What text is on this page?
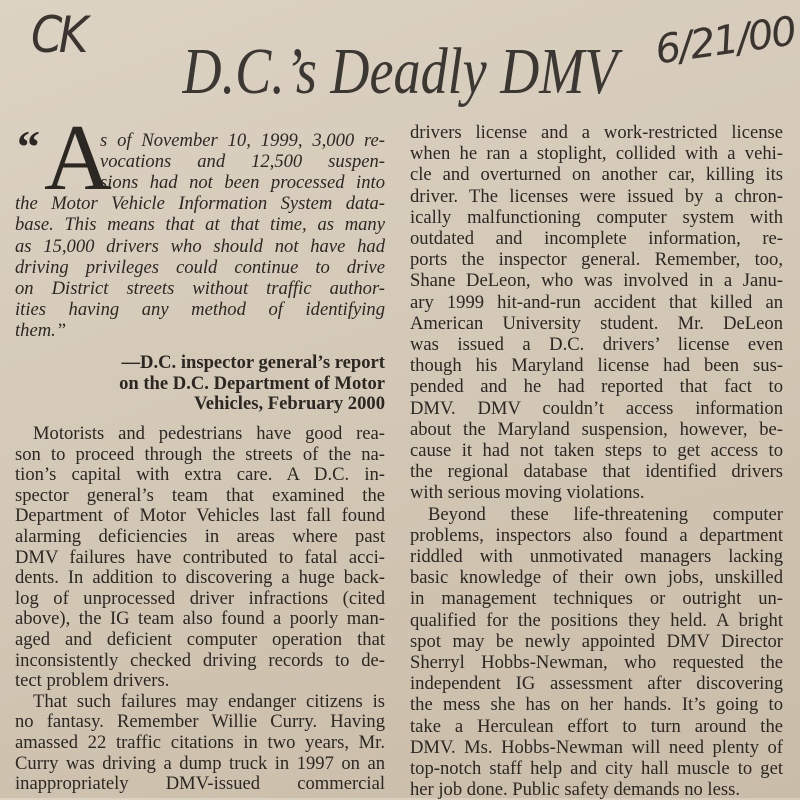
CK	6/21/00
D.C.’s Deadly DMV
“ A
s of November 10, 1999, 3,000 re-
vocations and 12,500 suspen-
sions had not been processed into
the Motor Vehicle Information System data-
base. This means that at that time, as many
as 15,000 drivers who should not have had
driving privileges could continue to drive
on District streets without traffic author-
ities having any method of identifying
them.”
—D.C. inspector general’s report
on the D.C. Department of Motor
Vehicles, February 2000
Motorists and pedestrians have good rea-
son to proceed through the streets of the na-
tion’s capital with extra care. A D.C. in-
spector general’s team that examined the
Department of Motor Vehicles last fall found
alarming deficiencies in areas where past
DMV failures have contributed to fatal acci-
dents. In addition to discovering a huge back-
log of unprocessed driver infractions (cited
above), the IG team also found a poorly man-
aged and deficient computer operation that
inconsistently checked driving records to de-
tect problem drivers.
That such failures may endanger citizens is
no fantasy. Remember Willie Curry. Having
amassed 22 traffic citations in two years, Mr.
Curry was driving a dump truck in 1997 on an
inappropriately DMV-issued commercial
drivers license and a work-restricted license
when he ran a stoplight, collided with a vehi-
cle and overturned on another car, killing its
driver. The licenses were issued by a chron-
ically malfunctioning computer system with
outdated and incomplete information, re-
ports the inspector general. Remember, too,
Shane DeLeon, who was involved in a Janu-
ary 1999 hit-and-run accident that killed an
American University student. Mr. DeLeon
was issued a D.C. drivers’ license even
though his Maryland license had been sus-
pended and he had reported that fact to
DMV. DMV couldn’t access information
about the Maryland suspension, however, be-
cause it had not taken steps to get access to
the regional database that identified drivers
with serious moving violations.
Beyond these life-threatening computer
problems, inspectors also found a department
riddled with unmotivated managers lacking
basic knowledge of their own jobs, unskilled
in management techniques or outright un-
qualified for the positions they held. A bright
spot may be newly appointed DMV Director
Sherryl Hobbs-Newman, who requested the
independent IG assessment after discovering
the mess she has on her hands. It’s going to
take a Herculean effort to turn around the
DMV. Ms. Hobbs-Newman will need plenty of
top-notch staff help and city hall muscle to get
her job done. Public safety demands no less.
